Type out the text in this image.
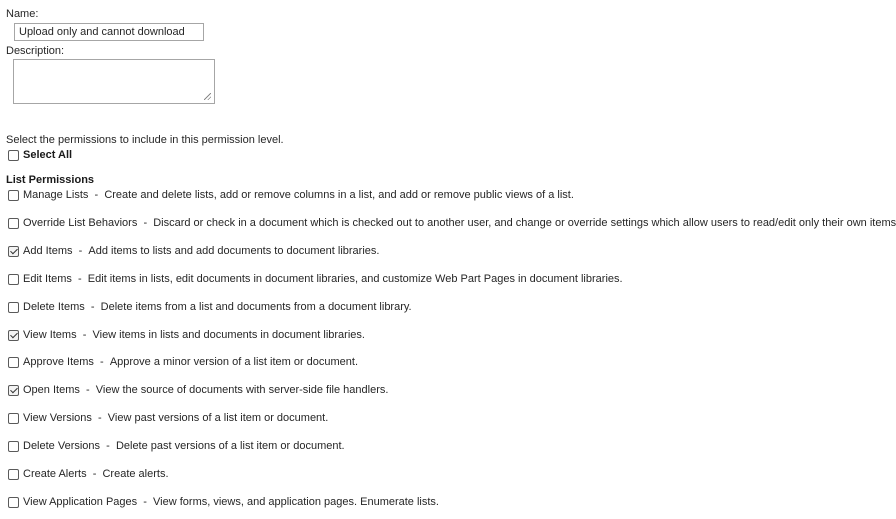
Name:
Upload only and cannot download
Description:
Select the permissions to include in this permission level.
Select All
List Permissions
Manage Lists  -  Create and delete lists, add or remove columns in a list, and add or remove public views of a list.
Override List Behaviors  -  Discard or check in a document which is checked out to another user, and change or override settings which allow users to read/edit only their own items
Add Items  -  Add items to lists and add documents to document libraries.
Edit Items  -  Edit items in lists, edit documents in document libraries, and customize Web Part Pages in document libraries.
Delete Items  -  Delete items from a list and documents from a document library.
View Items  -  View items in lists and documents in document libraries.
Approve Items  -  Approve a minor version of a list item or document.
Open Items  -  View the source of documents with server-side file handlers.
View Versions  -  View past versions of a list item or document.
Delete Versions  -  Delete past versions of a list item or document.
Create Alerts  -  Create alerts.
View Application Pages  -  View forms, views, and application pages. Enumerate lists.
